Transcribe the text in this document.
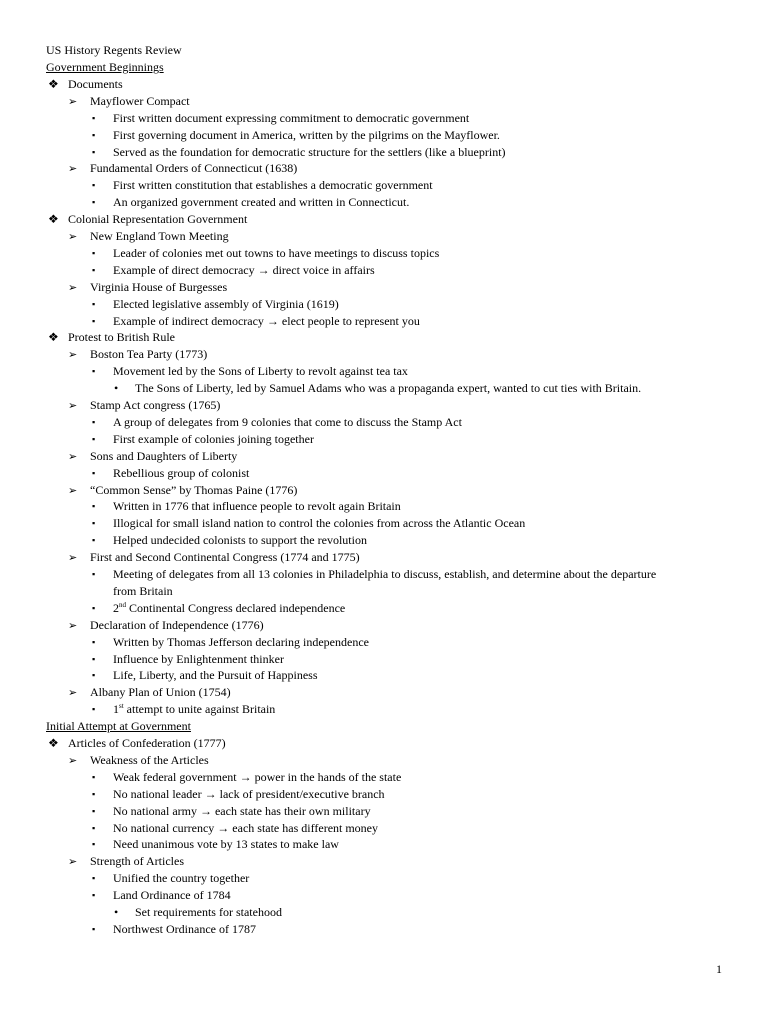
US History Regents Review
Government Beginnings
❖ Documents
➢ Mayflower Compact
▪ First written document expressing commitment to democratic government
▪ First governing document in America, written by the pilgrims on the Mayflower.
▪ Served as the foundation for democratic structure for the settlers (like a blueprint)
➢ Fundamental Orders of Connecticut (1638)
▪ First written constitution that establishes a democratic government
▪ An organized government created and written in Connecticut.
❖ Colonial Representation Government
➢ New England Town Meeting
▪ Leader of colonies met out towns to have meetings to discuss topics
▪ Example of direct democracy → direct voice in affairs
➢ Virginia House of Burgesses
▪ Elected legislative assembly of Virginia (1619)
▪ Example of indirect democracy → elect people to represent you
❖ Protest to British Rule
➢ Boston Tea Party (1773)
▪ Movement led by the Sons of Liberty to revolt against tea tax
• The Sons of Liberty, led by Samuel Adams who was a propaganda expert, wanted to cut ties with Britain.
➢ Stamp Act congress (1765)
▪ A group of delegates from 9 colonies that come to discuss the Stamp Act
▪ First example of colonies joining together
➢ Sons and Daughters of Liberty
▪ Rebellious group of colonist
➢ “Common Sense” by Thomas Paine (1776)
▪ Written in 1776 that influence people to revolt again Britain
▪ Illogical for small island nation to control the colonies from across the Atlantic Ocean
▪ Helped undecided colonists to support the revolution
➢ First and Second Continental Congress (1774 and 1775)
▪ Meeting of delegates from all 13 colonies in Philadelphia to discuss, establish, and determine about the departure
from Britain
▪ 2nd Continental Congress declared independence
➢ Declaration of Independence (1776)
▪ Written by Thomas Jefferson declaring independence
▪ Influence by Enlightenment thinker
▪ Life, Liberty, and the Pursuit of Happiness
➢ Albany Plan of Union (1754)
▪ 1st attempt to unite against Britain
Initial Attempt at Government
❖ Articles of Confederation (1777)
➢ Weakness of the Articles
▪ Weak federal government → power in the hands of the state
▪ No national leader → lack of president/executive branch
▪ No national army → each state has their own military
▪ No national currency → each state has different money
▪ Need unanimous vote by 13 states to make law
➢ Strength of Articles
▪ Unified the country together
▪ Land Ordinance of 1784
• Set requirements for statehood
▪ Northwest Ordinance of 1787
1
